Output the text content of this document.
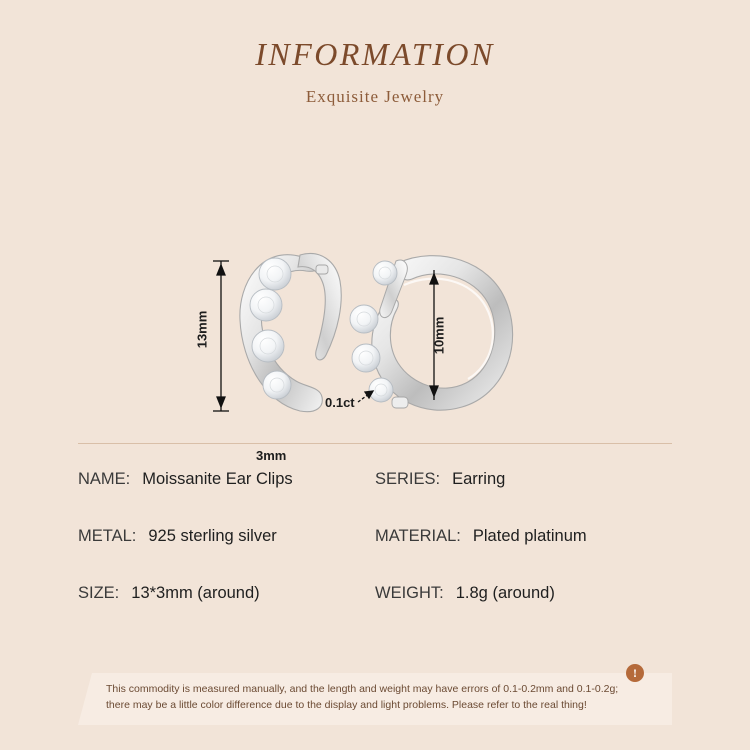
INFORMATION
Exquisite Jewelry
13mm	10mm
3mm
0.1ct
NAME: Moissanite Ear Clips	SERIES: Earring
METAL: 925 sterling silver	MATERIAL: Plated platinum
SIZE: 13*3mm (around)	WEIGHT: 1.8g (around)
!
This commodity is measured manually, and the length and weight may have errors of 0.1-0.2mm and 0.1-0.2g;
there may be a little color difference due to the display and light problems. Please refer to the real thing!
